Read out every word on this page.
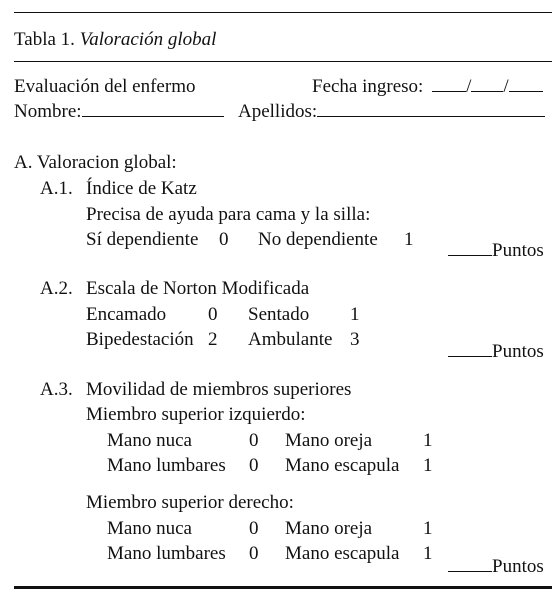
Tabla 1. Valoración global
Evaluación del enfermo	Fecha ingreso: / /
Nombre:	Apellidos:
A. Valoracion global:
A.1. Índice de Katz
Precisa de ayuda para cama y la silla:
Sí dependiente 0 No dependiente 1
Puntos
A.2. Escala de Norton Modificada
Encamado 0 Sentado 1
Bipedestación 2 Ambulante 3
Puntos
A.3. Movilidad de miembros superiores
Miembro superior izquierdo:
Mano nuca	0 Mano oreja	1
Mano lumbares 0 Mano escapula 1
Miembro superior derecho:
Mano nuca	0 Mano oreja	1
Mano lumbares 0 Mano escapula 1
Puntos
